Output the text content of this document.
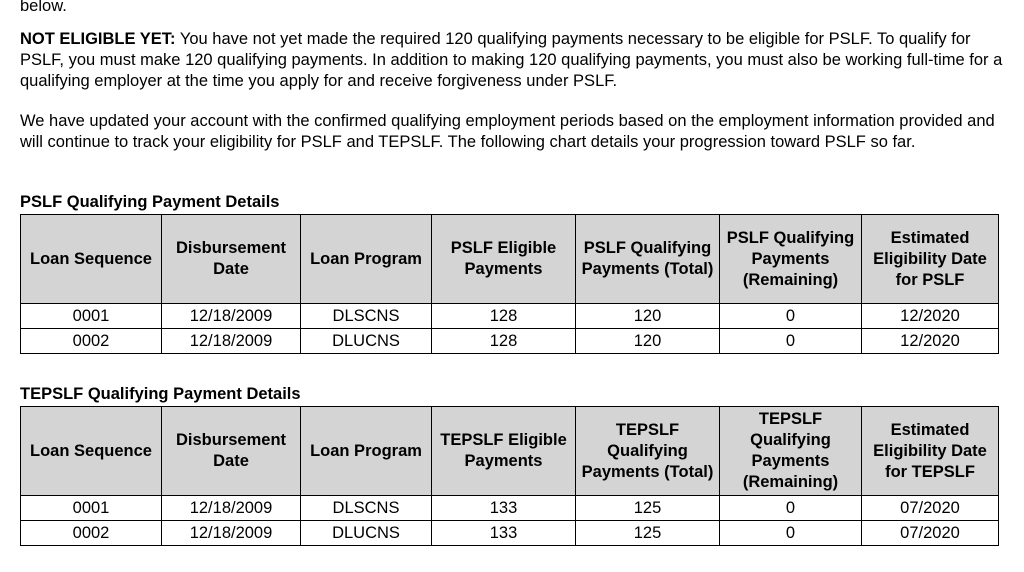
below.

NOT ELIGIBLE YET: You have not yet made the required 120 qualifying payments necessary to be eligible for PSLF. To qualify for PSLF, you must make 120 qualifying payments. In addition to making 120 qualifying payments, you must also be working full-time for a qualifying employer at the time you apply for and receive forgiveness under PSLF.

We have updated your account with the confirmed qualifying employment periods based on the employment information provided and will continue to track your eligibility for PSLF and TEPSLF. The following chart details your progression toward PSLF so far.

PSLF Qualifying Payment Details

Loan Sequence	Disbursement Date	Loan Program	PSLF Eligible Payments	PSLF Qualifying Payments (Total)	PSLF Qualifying Payments (Remaining)	Estimated Eligibility Date for PSLF
0001	12/18/2009	DLSCNS	128	120	0	12/2020
0002	12/18/2009	DLUCNS	128	120	0	12/2020

TEPSLF Qualifying Payment Details

Loan Sequence	Disbursement Date	Loan Program	TEPSLF Eligible Payments	TEPSLF Qualifying Payments (Total)	TEPSLF Qualifying Payments (Remaining)	Estimated Eligibility Date for TEPSLF
0001	12/18/2009	DLSCNS	133	125	0	07/2020
0002	12/18/2009	DLUCNS	133	125	0	07/2020
